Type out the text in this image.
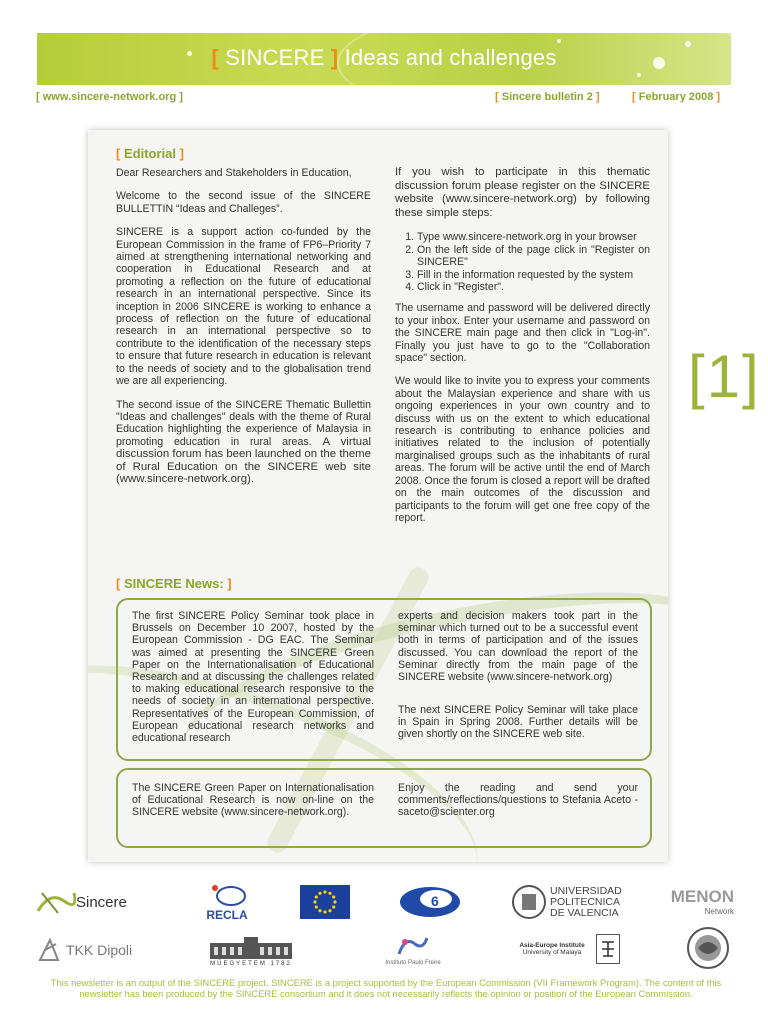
[ SINCERE ] Ideas and challenges
[ www.sincere-network.org ]	[ Sincere bulletin 2 ]	[ February 2008 ]
[ Editorial ]

Dear Researchers and Stakeholders in Education,

Welcome to the second issue of the SINCERE BULLETTIN “Ideas and Challeges”.

SINCERE is a support action co-funded by the European Commission in the frame of FP6–Priority 7 aimed at strengthening international networking and cooperation in Educational Research and at promoting a reflection on the future of educational research in an international perspective. Since its inception in 2006 SINCERE is working to enhance a process of reflection on the future of educational research in an international perspective so to contribute to the identification of the necessary steps to ensure that future research in education is relevant to the needs of society and to the globalisation trend we are all experiencing.

The second issue of the SINCERE Thematic Bullettin "Ideas and challenges" deals with the theme of Rural Education highlighting the experience of Malaysia in promoting education in rural areas. A virtual discussion forum has been launched on the theme of Rural Education on the SINCERE web site (www.sincere-network.org).

If you wish to participate in this thematic discussion forum please register on the SINCERE website (www.sincere-network.org) by following these simple steps:

1. Type www.sincere-network.org in your browser
2. On the left side of the page click in "Register on SINCERE"
3. Fill in the information requested by the system
4. Click in "Register".

The username and password will be delivered directly to your inbox. Enter your username and password on the SINCERE main page and then click in "Log-in". Finally you just have to go to the "Collaboration space" section.

We would like to invite you to express your comments about the Malaysian experience and share with us ongoing experiences in your own country and to discuss with us on the extent to which educational research is contributing to enhance policies and initiatives related to the inclusion of potentially marginalised groups such as the inhabitants of rural areas. The forum will be active until the end of March 2008. Once the forum is closed a report will be drafted on the main outcomes of the discussion and participants to the forum will get one free copy of the report.

[1]
[ SINCERE News: ]
The first SINCERE Policy Seminar took place in Brussels on December 10 2007, hosted by the European Commission - DG EAC. The Seminar was aimed at presenting the SINCERE Green Paper on the Internationalisation of Educational Research and at discussing the challenges related to making educational research responsive to the needs of society in an international perspective. Representatives of the European Commission, of European educational research networks and educational research
experts and decision makers took part in the seminar which turned out to be a successful event both in terms of participation and of the issues discussed. You can download the report of the Seminar directly from the main page of the SINCERE website (www.sincere-network.org)
The next SINCERE Policy Seminar will take place in Spain in Spring 2008. Further details will be given shortly on the SINCERE web site.
The SINCERE Green Paper on Internationalisation of Educational Research is now on-line on the SINCERE website (www.sincere-network.org).
Enjoy the reading and send your comments/reflections/questions to Stefania Aceto - saceto@scienter.org
Sincere
RECLA
6
UNIVERSIDAD
POLITECNICA
DE VALENCIA
MENON
Network
TKK Dipoli
MŰEGYETEM 1782	Instituto Paulo Freire
Asia-Europe Institute
University of Malaya
This newsletter is an output of the SINCERE project. SINCERE is a project supported by the European Commission (VII Framework Program). The content of this newsletter has been produced by the SINCERE consortium and it does not necessarily reflects the opinion or position of the European Commission.
